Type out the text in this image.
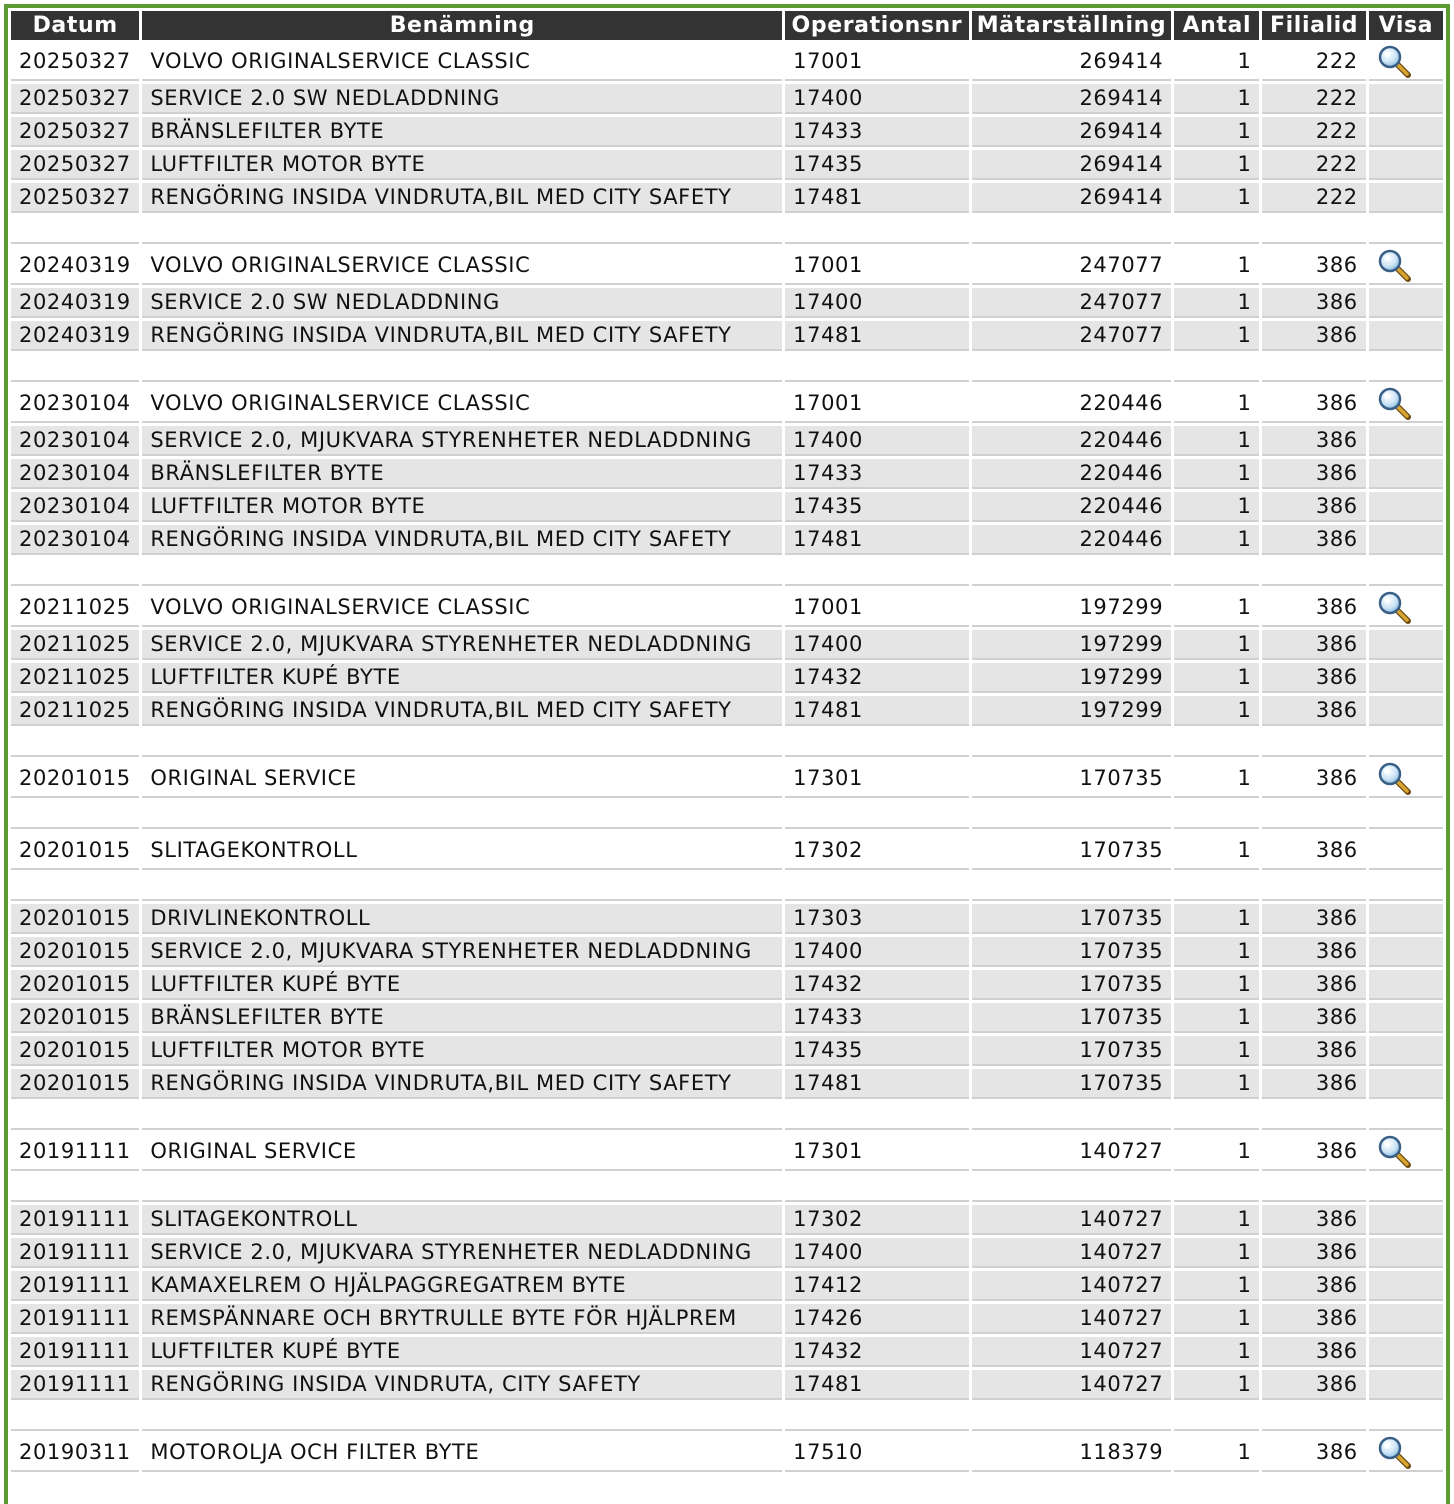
Datum	Benämning	Operationsnr	Mätarställning	Antal	Filialid	Visa
20250327	VOLVO ORIGINALSERVICE CLASSIC	17001	269414	1	222	
20250327	SERVICE 2.0 SW NEDLADDNING	17400	269414	1	222	
20250327	BRÄNSLEFILTER BYTE	17433	269414	1	222	
20250327	LUFTFILTER MOTOR BYTE	17435	269414	1	222	
20250327	RENGÖRING INSIDA VINDRUTA,BIL MED CITY SAFETY	17481	269414	1	222	

20240319	VOLVO ORIGINALSERVICE CLASSIC	17001	247077	1	386	
20240319	SERVICE 2.0 SW NEDLADDNING	17400	247077	1	386	
20240319	RENGÖRING INSIDA VINDRUTA,BIL MED CITY SAFETY	17481	247077	1	386	

20230104	VOLVO ORIGINALSERVICE CLASSIC	17001	220446	1	386	
20230104	SERVICE 2.0, MJUKVARA STYRENHETER NEDLADDNING	17400	220446	1	386	
20230104	BRÄNSLEFILTER BYTE	17433	220446	1	386	
20230104	LUFTFILTER MOTOR BYTE	17435	220446	1	386	
20230104	RENGÖRING INSIDA VINDRUTA,BIL MED CITY SAFETY	17481	220446	1	386	

20211025	VOLVO ORIGINALSERVICE CLASSIC	17001	197299	1	386	
20211025	SERVICE 2.0, MJUKVARA STYRENHETER NEDLADDNING	17400	197299	1	386	
20211025	LUFTFILTER KUPÉ BYTE	17432	197299	1	386	
20211025	RENGÖRING INSIDA VINDRUTA,BIL MED CITY SAFETY	17481	197299	1	386	

20201015	ORIGINAL SERVICE	17301	170735	1	386	

20201015	SLITAGEKONTROLL	17302	170735	1	386	

20201015	DRIVLINEKONTROLL	17303	170735	1	386	
20201015	SERVICE 2.0, MJUKVARA STYRENHETER NEDLADDNING	17400	170735	1	386	
20201015	LUFTFILTER KUPÉ BYTE	17432	170735	1	386	
20201015	BRÄNSLEFILTER BYTE	17433	170735	1	386	
20201015	LUFTFILTER MOTOR BYTE	17435	170735	1	386	
20201015	RENGÖRING INSIDA VINDRUTA,BIL MED CITY SAFETY	17481	170735	1	386	

20191111	ORIGINAL SERVICE	17301	140727	1	386	

20191111	SLITAGEKONTROLL	17302	140727	1	386	
20191111	SERVICE 2.0, MJUKVARA STYRENHETER NEDLADDNING	17400	140727	1	386	
20191111	KAMAXELREM O HJÄLPAGGREGATREM BYTE	17412	140727	1	386	
20191111	REMSPÄNNARE OCH BRYTRULLE BYTE FÖR HJÄLPREM	17426	140727	1	386	
20191111	LUFTFILTER KUPÉ BYTE	17432	140727	1	386	
20191111	RENGÖRING INSIDA VINDRUTA, CITY SAFETY	17481	140727	1	386	

20190311	MOTOROLJA OCH FILTER BYTE	17510	118379	1	386	
